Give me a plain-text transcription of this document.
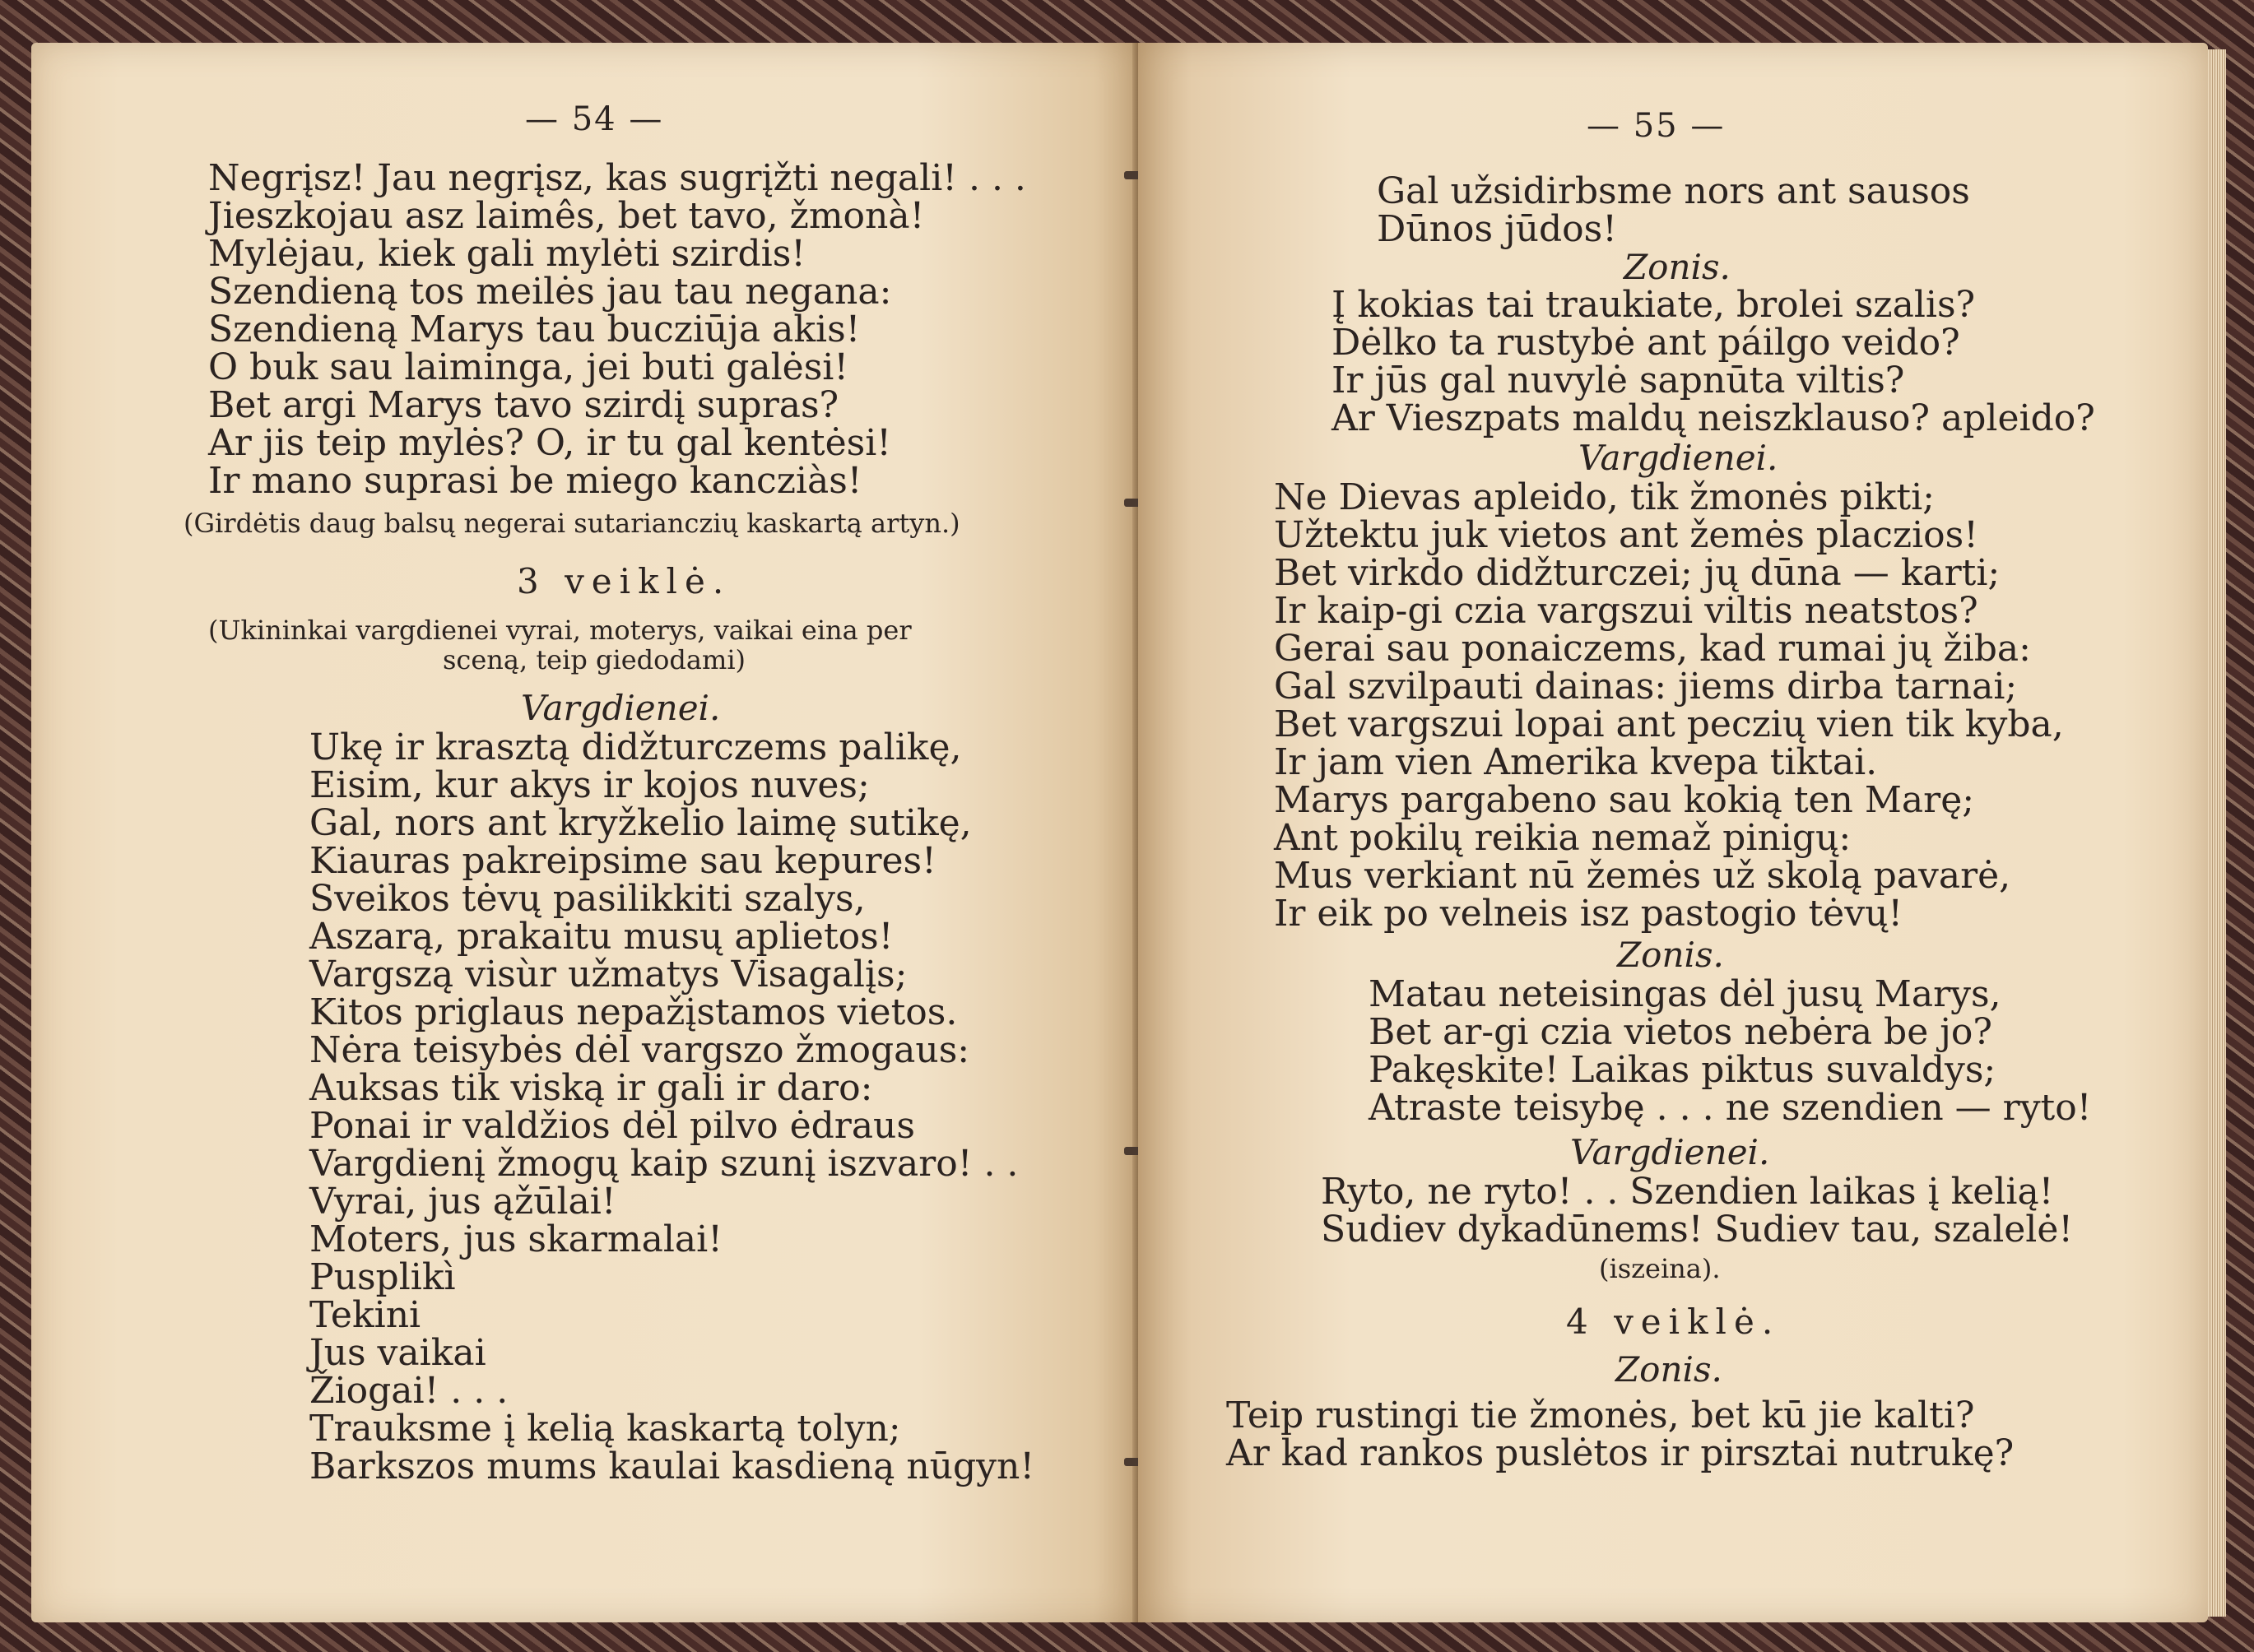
— 54 —
Negrįsz! Jau negrįsz, kas sugrįžti negali! . . .
Jieszkojau asz laimês, bet tavo, žmonà!
Mylėjau, kiek gali mylėti szirdis!
Szendieną tos meilės jau tau negana:
Szendieną Marys tau bucziūja akis!
O buk sau laiminga, jei buti galėsi!
Bet argi Marys tavo szirdį supras?
Ar jis teip mylės? O, ir tu gal kentėsi!
Ir mano suprasi be miego kancziàs!
(Girdėtis daug balsų negerai sutarianczių kaskartą artyn.)
3 veiklė.
(Ukininkai vargdienei vyrai, moterys, vaikai eina per
sceną, teip giedodami)
Vargdienei.
Ukę ir krasztą didžturczems palikę,
Eisim, kur akys ir kojos nuves;
Gal, nors ant kryžkelio laimę sutikę,
Kiauras pakreipsime sau kepures!
Sveikos tėvų pasilikkiti szalys,
Aszarą, prakaitu musų aplietos!
Vargszą visùr užmatys Visagalįs;
Kitos priglaus nepažįstamos vietos.
Nėra teisybės dėl vargszo žmogaus:
Auksas tik viską ir gali ir daro:
Ponai ir valdžios dėl pilvo ėdraus
Vargdienį žmogų kaip szunį iszvaro! . .
Vyrai, jus ąžūlai!
Moters, jus skarmalai!
Pusplikì
Tekini
Jus vaikai
Žiogai! . . .
Trauksme į kelią kaskartą tolyn;
Barkszos mums kaulai kasdieną nūgyn!
— 55 —
Gal užsidirbsme nors ant sausos
Dūnos jūdos!
Zonis.
Į kokias tai traukiate, brolei szalis?
Dėlko ta rustybė ant páilgo veido?
Ir jūs gal nuvylė sapnūta viltis?
Ar Vieszpats maldų neiszklauso? apleido?
Vargdienei.
Ne Dievas apleido, tik žmonės pikti;
Užtektu juk vietos ant žemės placzios!
Bet virkdo didžturczei; jų dūna — karti;
Ir kaip-gi czia vargszui viltis neatstos?
Gerai sau ponaiczems, kad rumai jų žiba:
Gal szvilpauti dainas: jiems dirba tarnai;
Bet vargszui lopai ant peczių vien tik kyba,
Ir jam vien Amerika kvepa tiktai.
Marys pargabeno sau kokią ten Marę;
Ant pokilų reikia nemaž pinigų:
Mus verkiant nū žemės už skolą pavarė,
Ir eik po velneis isz pastogio tėvų!
Zonis.
Matau neteisingas dėl jusų Marys,
Bet ar-gi czia vietos nebėra be jo?
Pakęskite! Laikas piktus suvaldys;
Atraste teisybę . . . ne szendien — ryto!
Vargdienei.
Ryto, ne ryto! . . Szendien laikas į kelią!
Sudiev dykadūnems! Sudiev tau, szalelė!
(iszeina).
4 veiklė.
Zonis.
Teip rustingi tie žmonės, bet kū jie kalti?
Ar kad rankos puslėtos ir pirsztai nutrukę?
